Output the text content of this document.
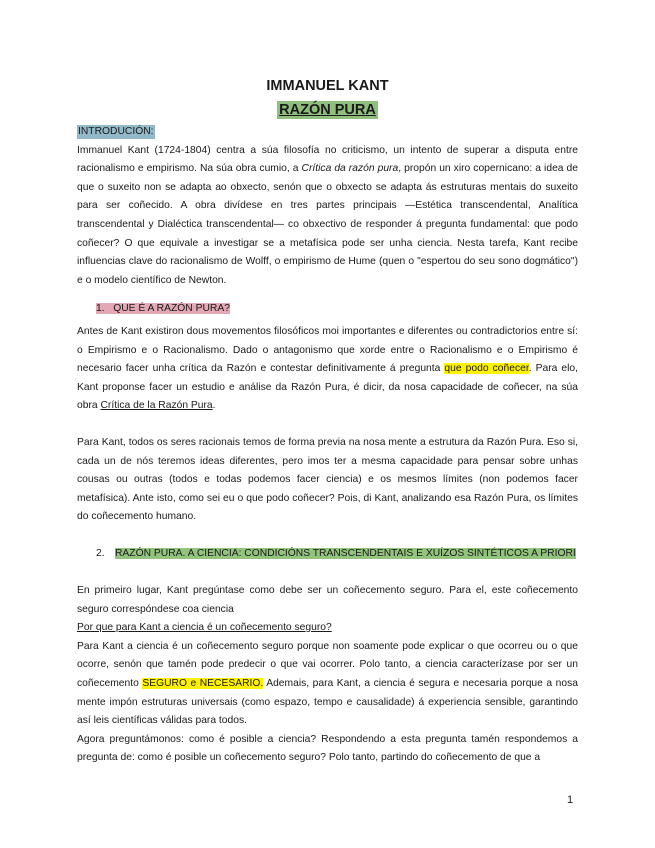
IMMANUEL KANT
RAZÓN PURA
INTRODUCIÓN:

Immanuel Kant (1724-1804) centra a súa filosofía no criticismo, un intento de superar a disputa entre racionalismo e empirismo. Na súa obra cumio, a Crítica da razón pura, propón un xiro copernicano: a idea de que o suxeito non se adapta ao obxecto, senón que o obxecto se adapta ás estruturas mentais do suxeito para ser coñecido. A obra divídese en tres partes principais —Estética transcendental, Analítica transcendental y Dialéctica transcendental— co obxectivo de responder á pregunta fundamental: que podo coñecer? O que equivale a investigar se a metafísica pode ser unha ciencia. Nesta tarefa, Kant recibe influencias clave do racionalismo de Wolff, o empirismo de Hume (quen o "espertou do seu sono dogmático") e o modelo científico de Newton.

1. QUE É A RAZÓN PURA?

Antes de Kant existiron dous movementos filosóficos moi importantes e diferentes ou contradictorios entre sí: o Empirismo e o Racionalismo. Dado o antagonismo que xorde entre o Racionalismo e o Empirismo é necesario facer unha crítica da Razón e contestar definitivamente á pregunta que podo coñecer. Para elo, Kant proponse facer un estudio e análise da Razón Pura, é dicir, da nosa capacidade de coñecer, na súa obra Crítica de la Razón Pura.

Para Kant, todos os seres racionais temos de forma previa na nosa mente a estrutura da Razón Pura. Eso si, cada un de nós teremos ideas diferentes, pero imos ter a mesma capacidade para pensar sobre unhas cousas ou outras (todos e todas podemos facer ciencia) e os mesmos límites (non podemos facer metafísica). Ante isto, como sei eu o que podo coñecer? Pois, di Kant, analizando esa Razón Pura, os límites do coñecemento humano.

2. RAZÓN PURA. A CIENCIA: CONDICIÓNS TRANSCENDENTAIS E XUÍZOS SINTÉTICOS A PRIORI

En primeiro lugar, Kant pregúntase como debe ser un coñecemento seguro. Para el, este coñecemento seguro correspóndese coa ciencia

Por que para Kant a ciencia é un coñecemento seguro?

Para Kant a ciencia é un coñecemento seguro porque non soamente pode explicar o que ocorreu ou o que ocorre, senón que tamén pode predecir o que vai ocorrer. Polo tanto, a ciencia caracterízase por ser un coñecemento SEGURO e NECESARIO. Ademais, para Kant, a ciencia é segura e necesaria porque a nosa mente impón estruturas universais (como espazo, tempo e causalidade) á experiencia sensible, garantindo así leis científicas válidas para todos.

Agora preguntámonos: como é posible a ciencia? Respondendo a esta pregunta tamén respondemos a pregunta de: como é posible un coñecemento seguro? Polo tanto, partindo do coñecemento de que a

1
